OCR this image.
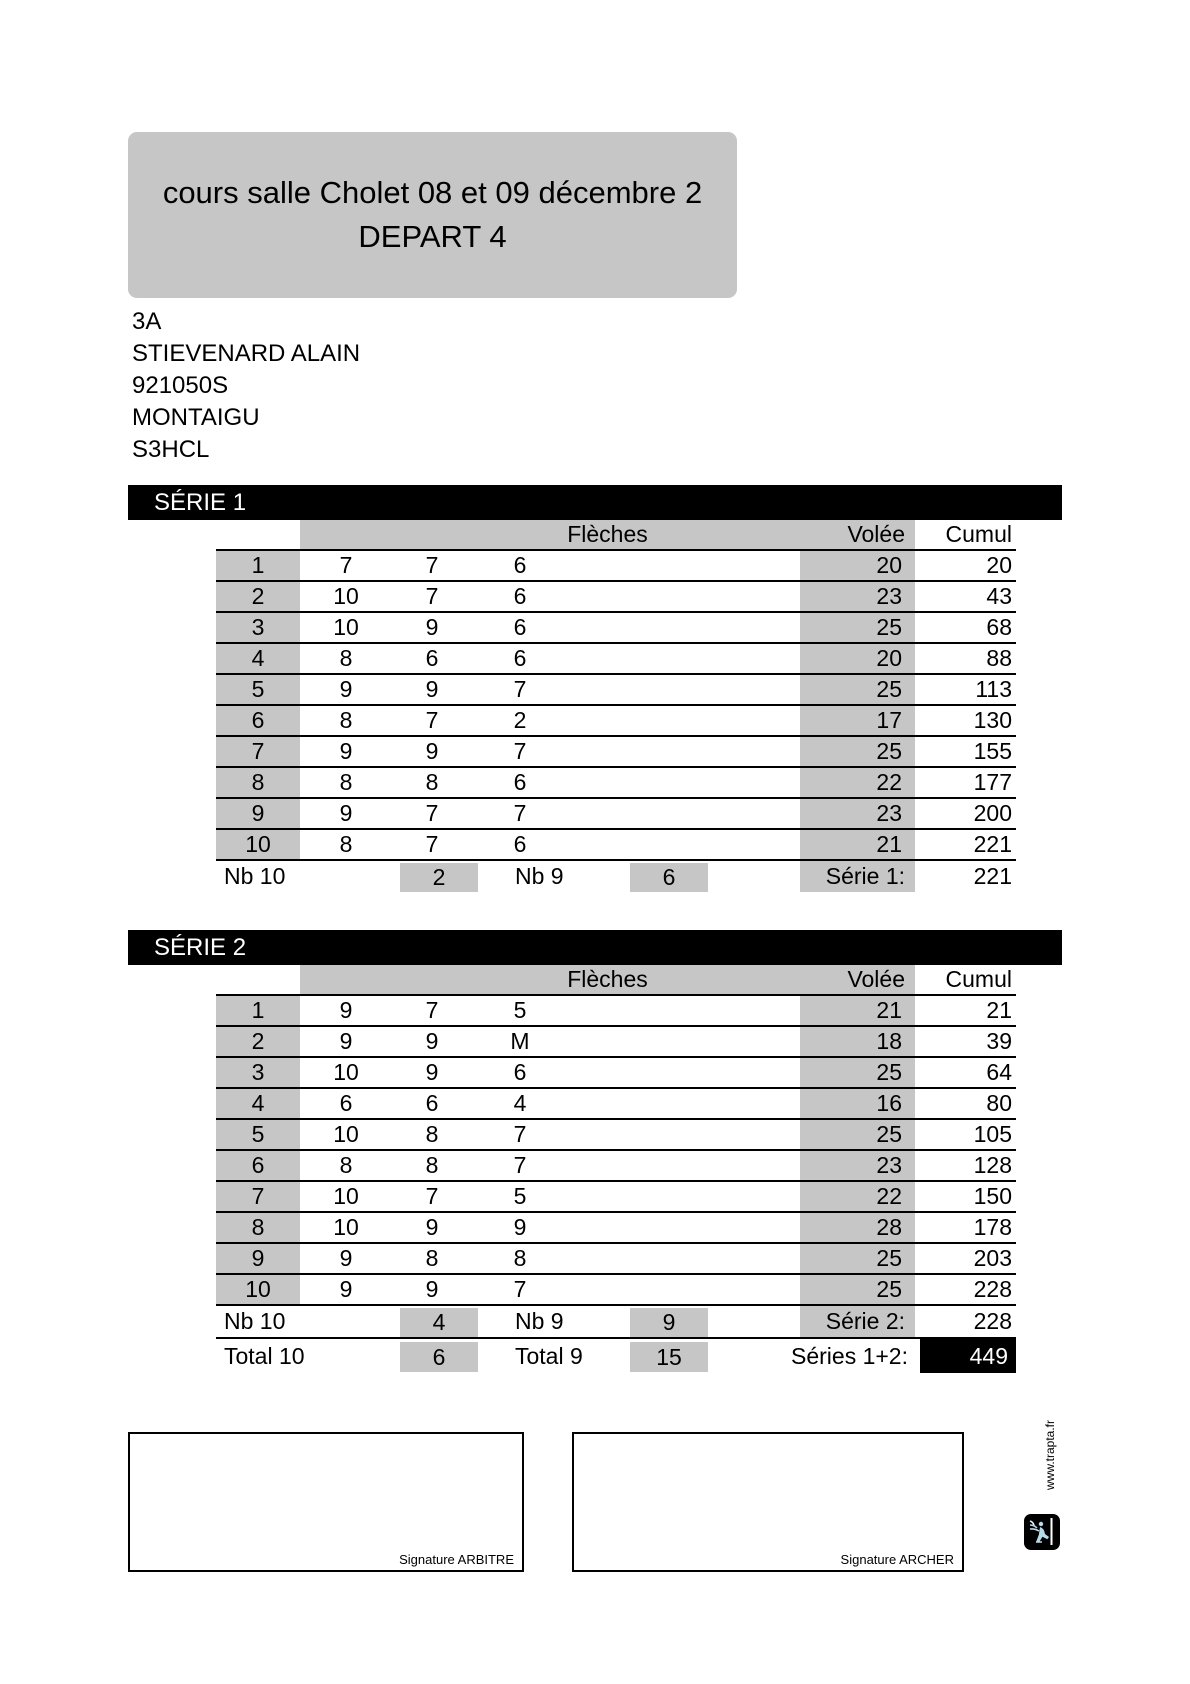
cours salle Cholet 08 et 09 décembre 2
DEPART 4
3A
STIEVENARD ALAIN
921050S
MONTAIGU
S3HCL
SÉRIE 1
Flèches	Volée	Cumul
1	7	7	6	20	20
2	10	7	6	23	43
3	10	9	6	25	68
4	8	6	6	20	88
5	9	9	7	25	113
6	8	7	2	17	130
7	9	9	7	25	155
8	8	8	6	22	177
9	9	7	7	23	200
10	8	7	6	21	221
Nb 10	2	Nb 9	6	Série 1:	221
SÉRIE 2
Flèches	Volée	Cumul
1	9	7	5	21	21
2	9	9	M	18	39
3	10	9	6	25	64
4	6	6	4	16	80
5	10	8	7	25	105
6	8	8	7	23	128
7	10	7	5	22	150
8	10	9	9	28	178
9	9	8	8	25	203
10	9	9	7	25	228
Nb 10	4	Nb 9	9	Série 2:	228
Total 10	6	Total 9	15	Séries 1+2:	449
Signature ARBITRE	Signature ARCHER
www.trapta.fr
